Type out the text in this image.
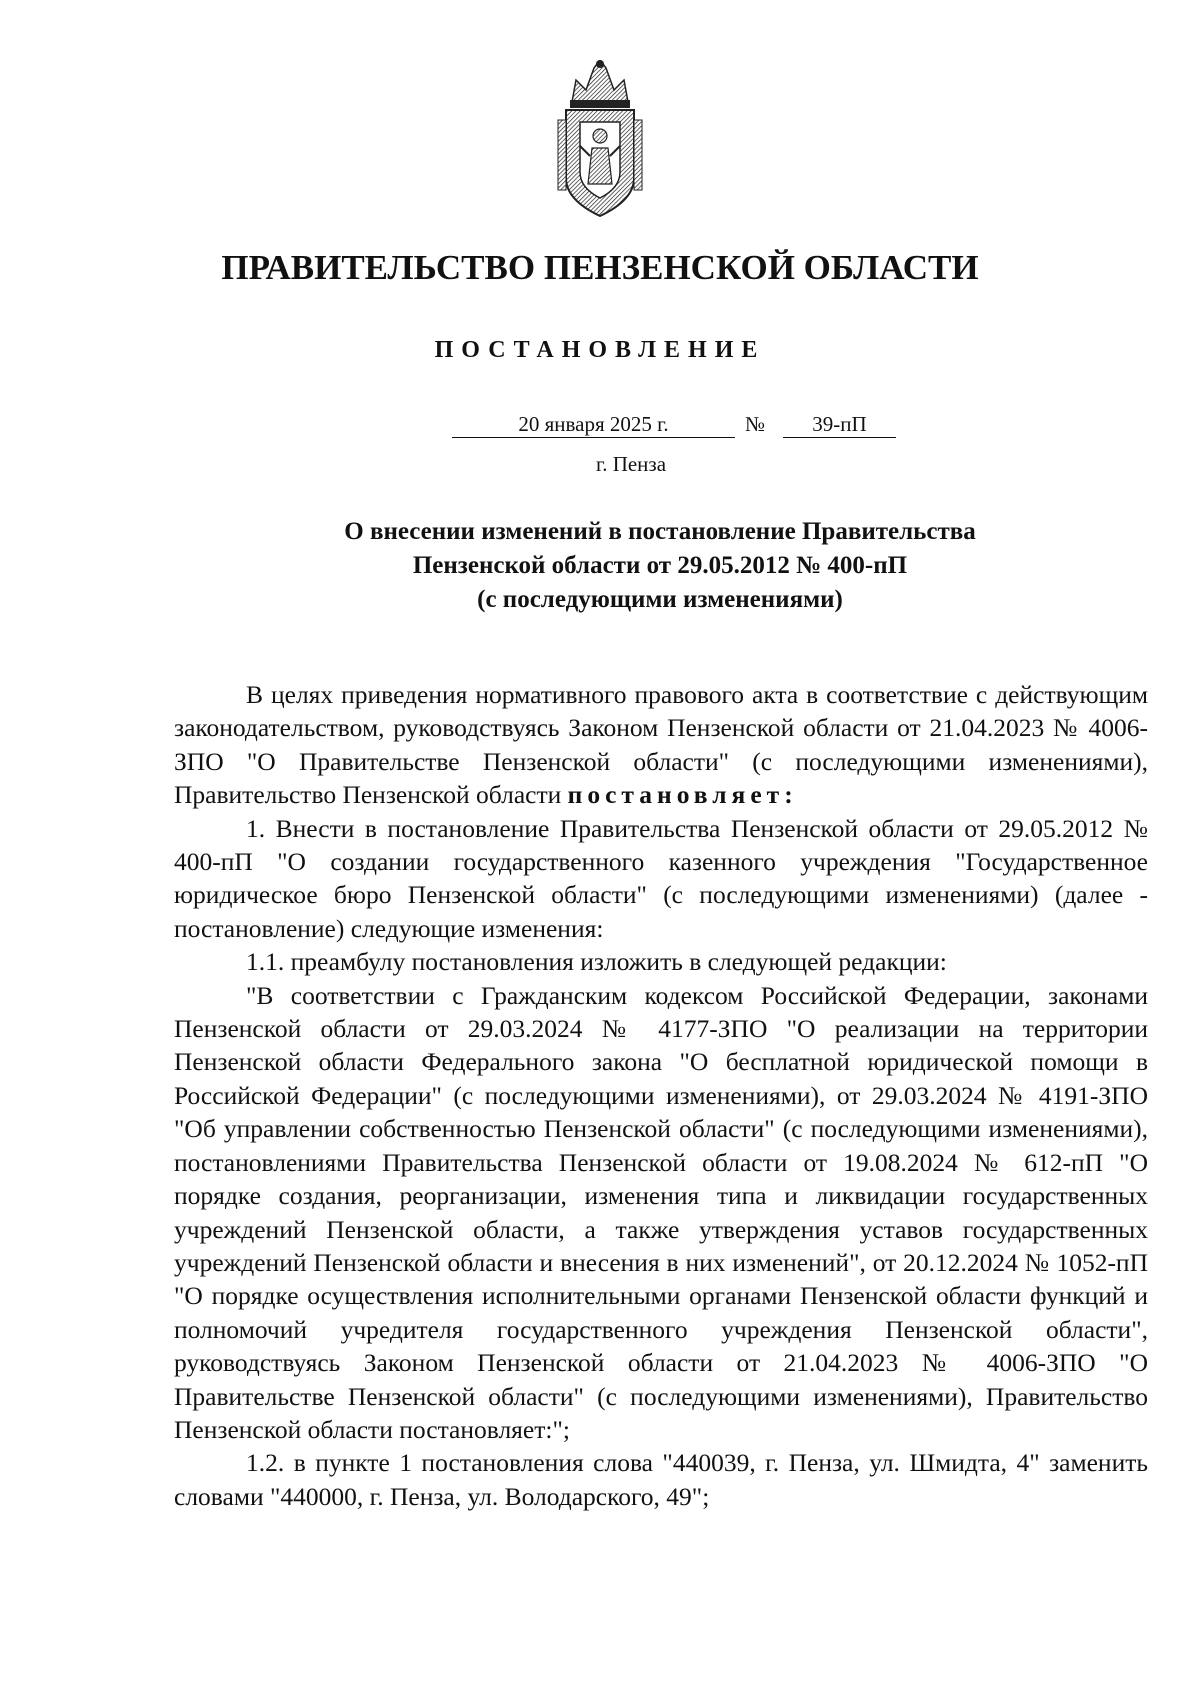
ПРАВИТЕЛЬСТВО ПЕНЗЕНСКОЙ ОБЛАСТИ
ПОСТАНОВЛЕНИЕ
20 января 2025 г.	№	39-пП
г. Пенза
О внесении изменений в постановление Правительства
Пензенской области от 29.05.2012 № 400-пП
(с последующими изменениями)

В целях приведения нормативного правового акта в соответствие с действующим законодательством, руководствуясь Законом Пензенской области от 21.04.2023 № 4006-ЗПО "О Правительстве Пензенской области" (с последующими изменениями), Правительство Пензенской области постановляет:

1. Внести в постановление Правительства Пензенской области от 29.05.2012 № 400-пП "О создании государственного казенного учреждения "Государственное юридическое бюро Пензенской области" (с последующими изменениями) (далее - постановление) следующие изменения:

1.1. преамбулу постановления изложить в следующей редакции:

"В соответствии с Гражданским кодексом Российской Федерации, законами Пензенской области от 29.03.2024 № 4177-ЗПО "О реализации на территории Пензенской области Федерального закона "О бесплатной юридической помощи в Российской Федерации" (с последующими изменениями), от 29.03.2024 № 4191-ЗПО "Об управлении собственностью Пензенской области" (с последующими изменениями), постановлениями Правительства Пензенской области от 19.08.2024 № 612-пП "О порядке создания, реорганизации, изменения типа и ликвидации государственных учреждений Пензенской области, а также утверждения уставов государственных учреждений Пензенской области и внесения в них изменений", от 20.12.2024 № 1052-пП "О порядке осуществления исполнительными органами Пензенской области функций и полномочий учредителя государственного учреждения Пензенской области", руководствуясь Законом Пензенской области от 21.04.2023 № 4006-ЗПО "О Правительстве Пензенской области" (с последующими изменениями), Правительство Пензенской области постановляет:";

1.2. в пункте 1 постановления слова "440039, г. Пенза, ул. Шмидта, 4" заменить словами "440000, г. Пенза, ул. Володарского, 49";
